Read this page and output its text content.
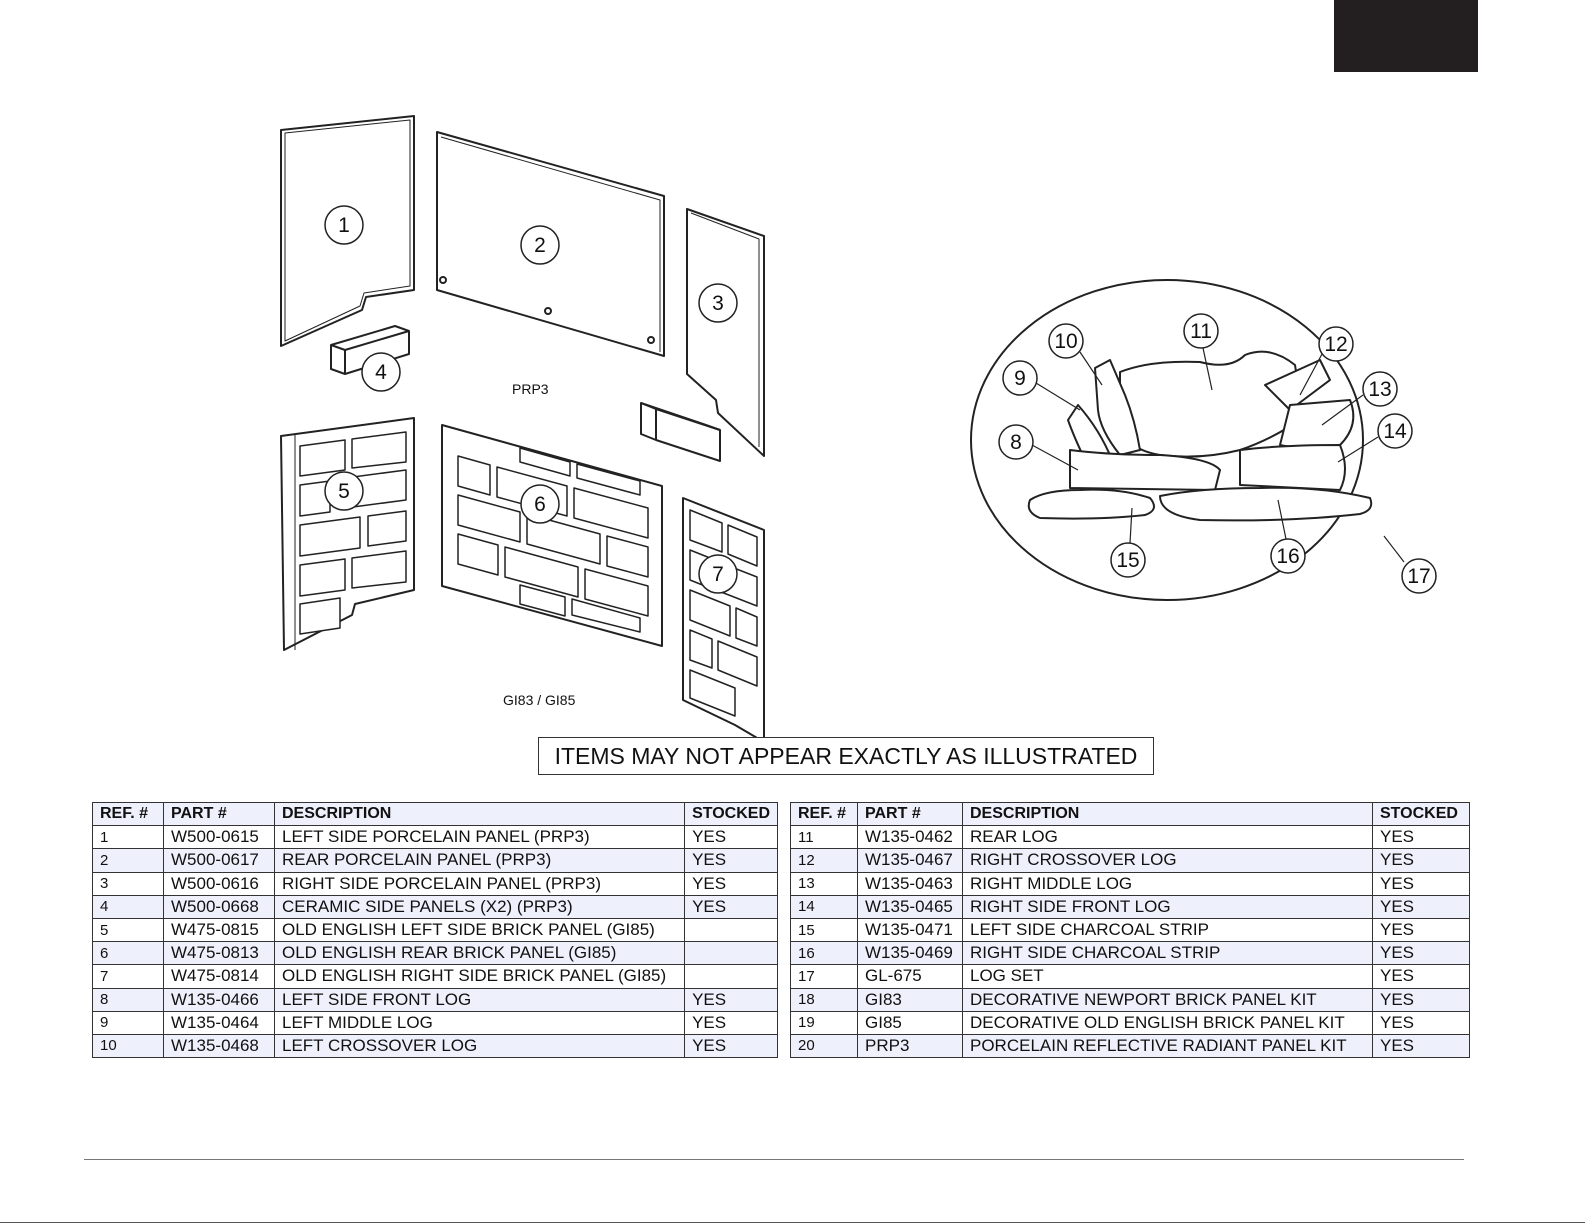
1
2
3
4
5
6
7
8
9
10	11
12
13
14
15	16
17
PRP3
GI83 / GI85
ITEMS MAY NOT APPEAR EXACTLY AS ILLUSTRATED
REF. #	PART #	DESCRIPTION	STOCKED
1	W500-0615	LEFT SIDE PORCELAIN PANEL (PRP3)	YES
2	W500-0617	REAR PORCELAIN PANEL (PRP3)	YES
3	W500-0616	RIGHT SIDE PORCELAIN PANEL (PRP3)	YES
4	W500-0668	CERAMIC SIDE PANELS (X2) (PRP3)	YES
5	W475-0815	OLD ENGLISH LEFT SIDE BRICK PANEL (GI85)	
6	W475-0813	OLD ENGLISH REAR BRICK PANEL (GI85)	
7	W475-0814	OLD ENGLISH RIGHT SIDE BRICK PANEL (GI85)	
8	W135-0466	LEFT SIDE FRONT LOG	YES
9	W135-0464	LEFT MIDDLE LOG	YES
10	W135-0468	LEFT CROSSOVER LOG	YES
REF. #	PART #	DESCRIPTION	STOCKED
11	W135-0462	REAR LOG	YES
12	W135-0467	RIGHT CROSSOVER LOG	YES
13	W135-0463	RIGHT MIDDLE LOG	YES
14	W135-0465	RIGHT SIDE FRONT LOG	YES
15	W135-0471	LEFT SIDE CHARCOAL STRIP	YES
16	W135-0469	RIGHT SIDE CHARCOAL STRIP	YES
17	GL-675	LOG SET	YES
18	GI83	DECORATIVE NEWPORT BRICK PANEL KIT	YES
19	GI85	DECORATIVE OLD ENGLISH BRICK PANEL KIT	YES
20	PRP3	PORCELAIN REFLECTIVE RADIANT PANEL KIT	YES
